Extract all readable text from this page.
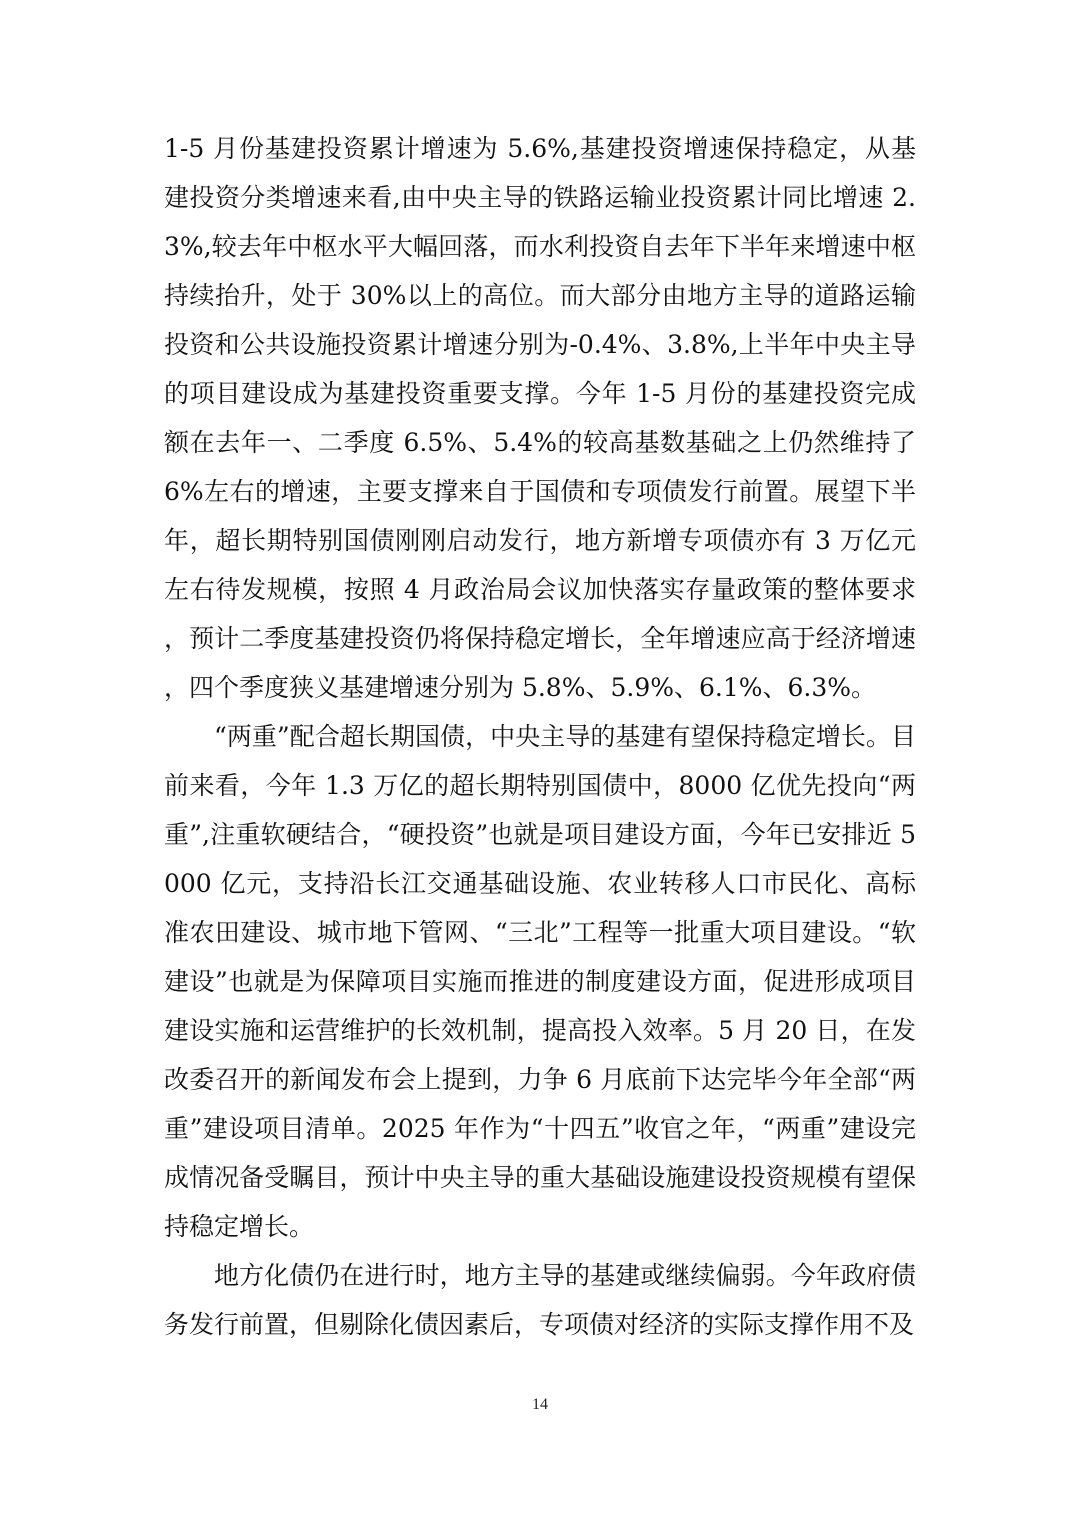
1-5 月份基建投资累计增速为 5.6%,基建投资增速保持稳定，从基建投资分类增速来看,由中央主导的铁路运输业投资累计同比增速 2.3%,较去年中枢水平大幅回落，而水利投资自去年下半年来增速中枢持续抬升，处于 30%以上的高位。而大部分由地方主导的道路运输投资和公共设施投资累计增速分别为-0.4%、3.8%,上半年中央主导的项目建设成为基建投资重要支撑。今年 1-5 月份的基建投资完成额在去年一、二季度 6.5%、5.4%的较高基数基础之上仍然维持了 6%左右的增速，主要支撑来自于国债和专项债发行前置。展望下半年，超长期特别国债刚刚启动发行，地方新增专项债亦有 3 万亿元左右待发规模，按照 4 月政治局会议加快落实存量政策的整体要求，预计二季度基建投资仍将保持稳定增长，全年增速应高于经济增速，四个季度狭义基建增速分别为 5.8%、5.9%、6.1%、6.3%。

“两重”配合超长期国债，中央主导的基建有望保持稳定增长。目前来看，今年 1.3 万亿的超长期特别国债中，8000 亿优先投向“两重”,注重软硬结合，“硬投资”也就是项目建设方面，今年已安排近 5000 亿元，支持沿长江交通基础设施、农业转移人口市民化、高标准农田建设、城市地下管网、“三北”工程等一批重大项目建设。“软建设”也就是为保障项目实施而推进的制度建设方面，促进形成项目建设实施和运营维护的长效机制，提高投入效率。5 月 20 日，在发改委召开的新闻发布会上提到，力争 6 月底前下达完毕今年全部“两重”建设项目清单。2025 年作为“十四五”收官之年，“两重”建设完成情况备受瞩目，预计中央主导的重大基础设施建设投资规模有望保持稳定增长。

地方化债仍在进行时，地方主导的基建或继续偏弱。今年政府债务发行前置，但剔除化债因素后，专项债对经济的实际支撑作用不及

14
